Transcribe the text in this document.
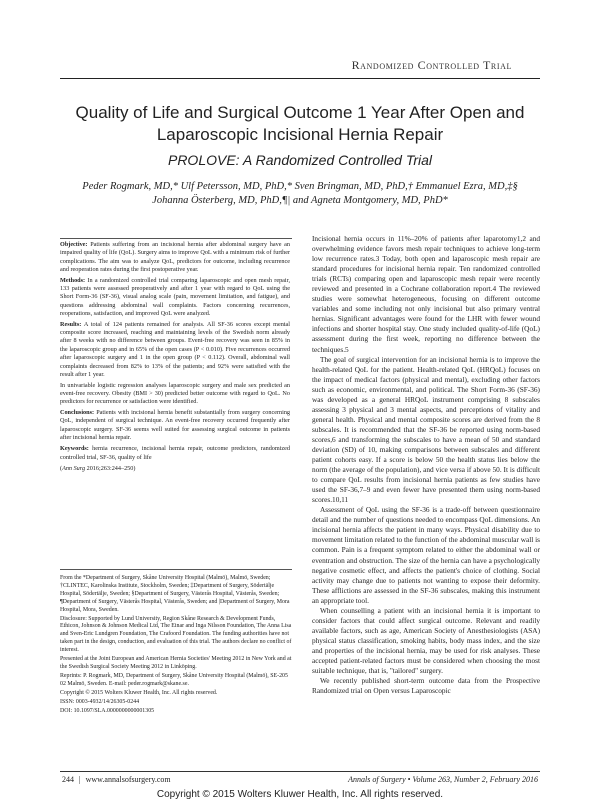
Randomized Controlled Trial
Quality of Life and Surgical Outcome 1 Year After Open and
Laparoscopic Incisional Hernia Repair
PROLOVE: A Randomized Controlled Trial
Peder Rogmark, MD,* Ulf Petersson, MD, PhD,* Sven Bringman, MD, PhD,† Emmanuel Ezra, MD,‡§
Johanna Österberg, MD, PhD,¶| and Agneta Montgomery, MD, PhD*

Objective: Patients suffering from an incisional hernia after abdominal surgery have an impaired quality of life (QoL). Surgery aims to improve QoL with a minimum risk of further complications. The aim was to analyze QoL, predictors for outcome, including recurrence and reoperation rates during the first postoperative year.

Methods: In a randomized controlled trial comparing laparoscopic and open mesh repair, 133 patients were assessed preoperatively and after 1 year with regard to QoL using the Short Form-36 (SF-36), visual analog scale (pain, movement limitation, and fatigue), and questions addressing abdominal wall complaints. Factors concerning recurrences, reoperations, satisfaction, and improved QoL were analyzed.

Results: A total of 124 patients remained for analysis. All SF-36 scores except mental composite score increased, reaching and maintaining levels of the Swedish norm already after 8 weeks with no difference between groups. Event-free recovery was seen in 85% in the laparoscopic group and in 65% of the open cases (P < 0.010). Five recurrences occurred after laparoscopic surgery and 1 in the open group (P < 0.112). Overall, abdominal wall complaints decreased from 82% to 13% of the patients; and 92% were satisfied with the result after 1 year.

In univariable logistic regression analyses laparoscopic surgery and male sex predicted an event-free recovery. Obesity (BMI > 30) predicted better outcome with regard to QoL. No predictors for recurrence or satisfaction were identified.

Conclusions: Patients with incisional hernia benefit substantially from surgery concerning QoL, independent of surgical technique. An event-free recovery occurred frequently after laparoscopic surgery. SF-36 seems well suited for assessing surgical outcome in patients after incisional hernia repair.

Keywords: hernia recurrence, incisional hernia repair, outcome predictors, randomized controlled trial, SF-36, quality of life

(Ann Surg 2016;263:244–250)

From the *Department of Surgery, Skåne University Hospital (Malmö), Malmö, Sweden; †CLINTEC, Karolinska Institute, Stockholm, Sweden; ‡Department of Surgery, Södertälje Hospital, Södertälje, Sweden; §Department of Surgery, Västerås Hospital, Västerås, Sweden; ¶Department of Surgery, Västerås Hospital, Västerås, Sweden; and |Department of Surgery, Mora Hospital, Mora, Sweden.

Disclosure: Supported by Lund University, Region Skåne Research & Development Funds, Ethicon, Johnson & Johnson Medical Ltd, The Einar and Inga Nilsson Foundation, The Anna Lisa and Sven-Eric Lundgren Foundation, The Crafoord Foundation. The funding authorities have not taken part in the design, conduction, and evaluation of this trial. The authors declare no conflict of interest.

Presented at the Joint European and American Hernia Societies' Meeting 2012 in New York and at the Swedish Surgical Society Meeting 2012 in Linköping.

Reprints: P. Rogmark, MD, Department of Surgery, Skåne University Hospital (Malmö), SE-205 02 Malmö, Sweden. E-mail: peder.rogmark@skane.se.

Copyright © 2015 Wolters Kluwer Health, Inc. All rights reserved.

ISSN: 0003-4932/14/26305-0244

DOI: 10.1097/SLA.0000000000001305

Incisional hernia occurs in 11%–20% of patients after laparotomy1,2 and overwhelming evidence favors mesh repair techniques to achieve long-term low recurrence rates.3 Today, both open and laparoscopic mesh repair are standard procedures for incisional hernia repair. Ten randomized controlled trials (RCTs) comparing open and laparoscopic mesh repair were recently reviewed and presented in a Cochrane collaboration report.4 The reviewed studies were somewhat heterogeneous, focusing on different outcome variables and some including not only incisional but also primary ventral hernias. Significant advantages were found for the LHR with fewer wound infections and shorter hospital stay. One study included quality-of-life (QoL) assessment during the first week, reporting no difference between the techniques.5

The goal of surgical intervention for an incisional hernia is to improve the health-related QoL for the patient. Health-related QoL (HRQoL) focuses on the impact of medical factors (physical and mental), excluding other factors such as economic, environmental, and political. The Short Form-36 (SF-36) was developed as a general HRQoL instrument comprising 8 subscales assessing 3 physical and 3 mental aspects, and perceptions of vitality and general health. Physical and mental composite scores are derived from the 8 subscales. It is recommended that the SF-36 be reported using norm-based scores,6 and transforming the subscales to have a mean of 50 and standard deviation (SD) of 10, making comparisons between subscales and different patient cohorts easy. If a score is below 50 the health status lies below the norm (the average of the population), and vice versa if above 50. It is difficult to compare QoL results from incisional hernia patients as few studies have used the SF-36,7–9 and even fewer have presented them using norm-based scores.10,11

Assessment of QoL using the SF-36 is a trade-off between questionnaire detail and the number of questions needed to encompass QoL dimensions. An incisional hernia affects the patient in many ways. Physical disability due to movement limitation related to the function of the abdominal muscular wall is common. Pain is a frequent symptom related to either the abdominal wall or eventration and obstruction. The size of the hernia can have a psychologically negative cosmetic effect, and affects the patient's choice of clothing. Social activity may change due to patients not wanting to expose their deformity. These afflictions are assessed in the SF-36 subscales, making this instrument an appropriate tool.

When counselling a patient with an incisional hernia it is important to consider factors that could affect surgical outcome. Relevant and readily available factors, such as age, American Society of Anesthesiologists (ASA) physical status classification, smoking habits, body mass index, and the size and properties of the incisional hernia, may be used for risk analyses. These accepted patient-related factors must be considered when choosing the most suitable technique, that is, "tailored" surgery.

We recently published short-term outcome data from the Prospective Randomized trial on Open versus Laparoscopic

244 | www.annalsofsurgery.com	Annals of Surgery • Volume 263, Number 2, February 2016
Copyright © 2015 Wolters Kluwer Health, Inc. All rights reserved.
